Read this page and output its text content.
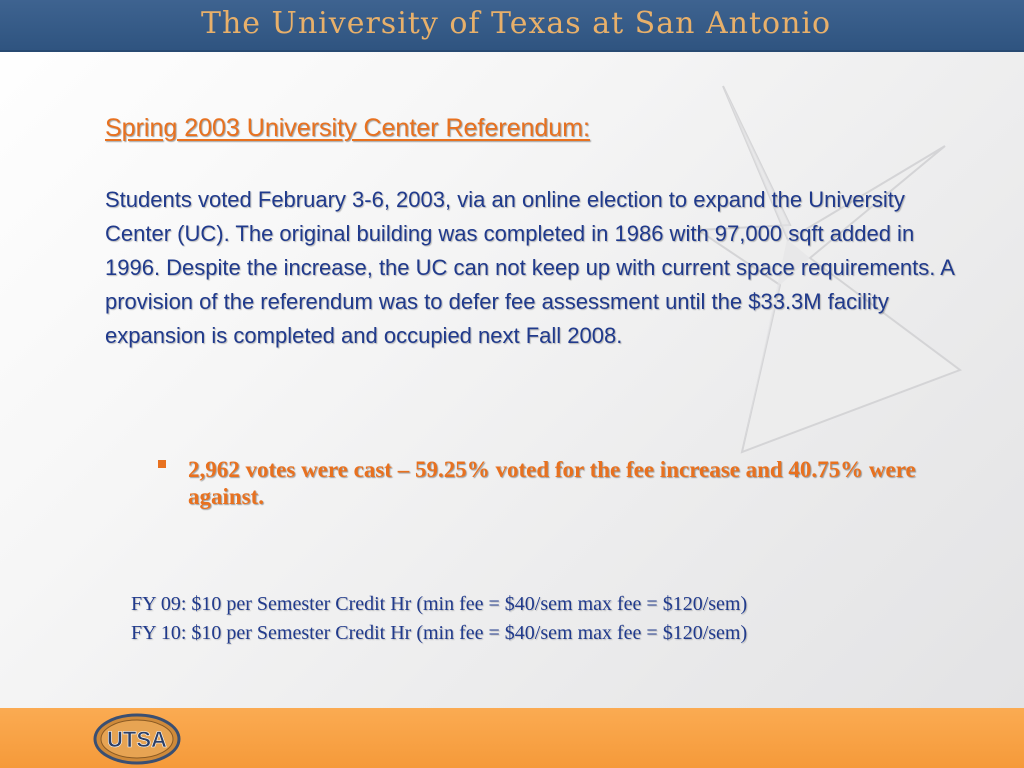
The University of Texas at San Antonio
Spring 2003 University Center Referendum:

Students voted February 3-6, 2003, via an online election to expand the University Center (UC). The original building was completed in 1986 with 97,000 sqft added in 1996. Despite the increase, the UC can not keep up with current space requirements. A provision of the referendum was to defer fee assessment until the $33.3M facility expansion is completed and occupied next Fall 2008.

2,962 votes were cast – 59.25% voted for the fee increase and 40.75% were against.
FY 09: $10 per Semester Credit Hr (min fee = $40/sem max fee = $120/sem)
FY 10: $10 per Semester Credit Hr (min fee = $40/sem max fee = $120/sem)
UTSA
